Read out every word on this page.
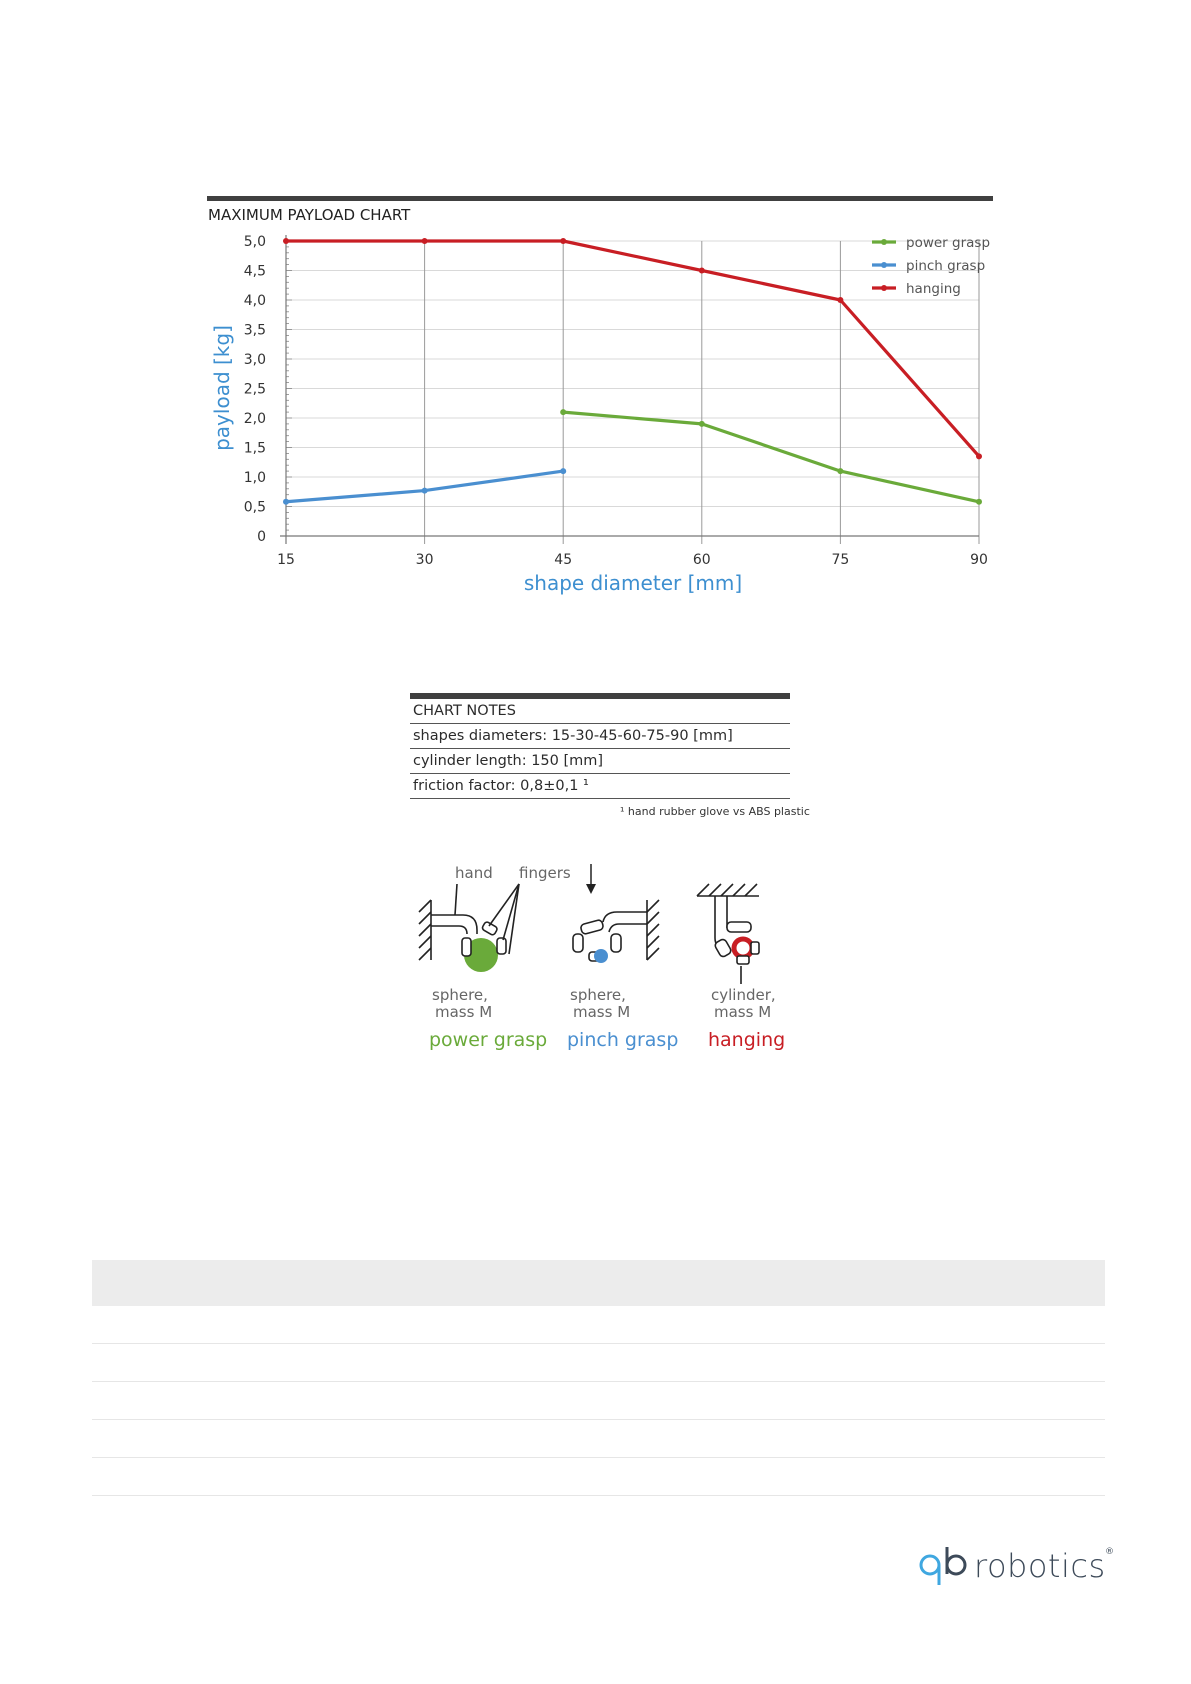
MAXIMUM PAYLOAD CHART
0
0,5
1,0
1,5
2,0
2,5
3,0
3,5
4,0
4,5
5,0
15	30	45	60	75	90
power grasp
pinch grasp
hanging
shape diameter [mm]
payload [kg]
CHART NOTES
shapes diameters: 15-30-45-60-75-90 [mm]
cylinder length: 150 [mm]
friction factor: 0,8±0,1 ¹
¹ hand rubber glove vs ABS plastic
hand fingers
sphere,
mass M
sphere,
mass M
cylinder,
mass M
power grasp pinch grasp hanging
robotics ®
